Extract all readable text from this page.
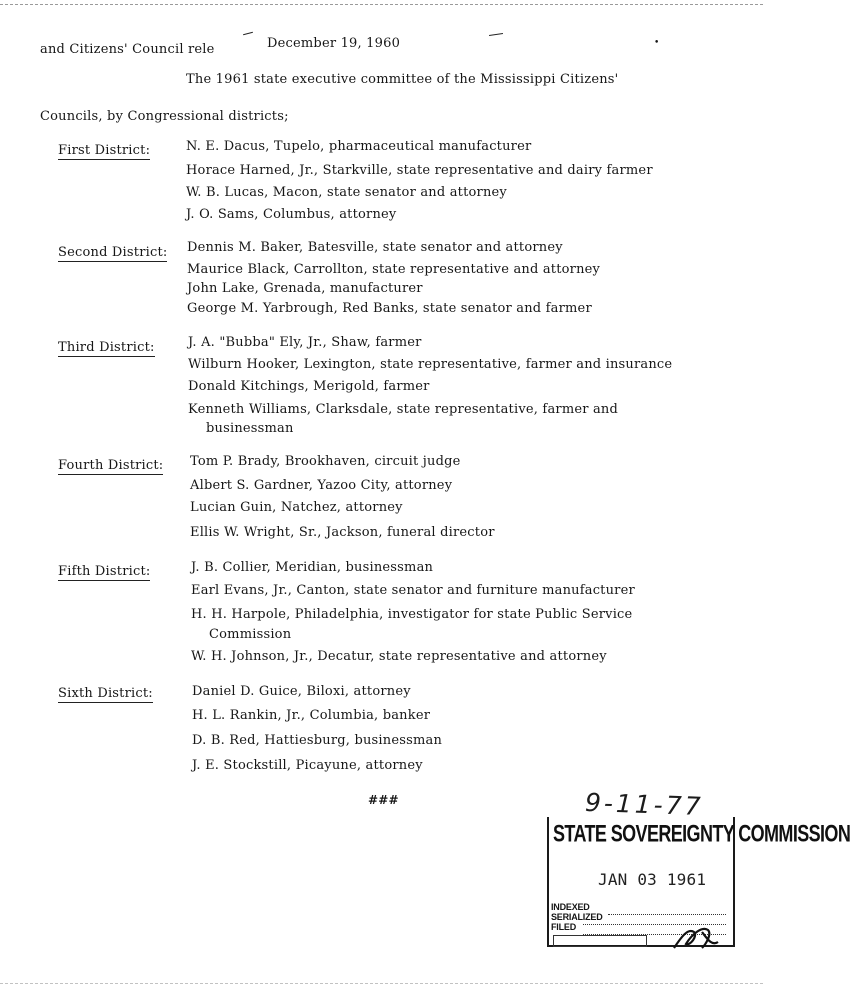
and Citizens' Council rele	December 19, 1960	•
The 1961 state executive committee of the Mississippi Citizens'
Councils, by Congressional districts;
First District:	N. E. Dacus, Tupelo, pharmaceutical manufacturer
Horace Harned, Jr., Starkville, state representative and dairy farmer
W. B. Lucas, Macon, state senator and attorney
J. O. Sams, Columbus, attorney
Second District: Dennis M. Baker, Batesville, state senator and attorney
Maurice Black, Carrollton, state representative and attorney
John Lake, Grenada, manufacturer
George M. Yarbrough, Red Banks, state senator and farmer
Third District:	J. A. "Bubba" Ely, Jr., Shaw, farmer
Wilburn Hooker, Lexington, state representative, farmer and insurance
Donald Kitchings, Merigold, farmer
Kenneth Williams, Clarksdale, state representative, farmer and
businessman
Fourth District: Tom P. Brady, Brookhaven, circuit judge
Albert S. Gardner, Yazoo City, attorney
Lucian Guin, Natchez, attorney
Ellis W. Wright, Sr., Jackson, funeral director
Fifth District:	J. B. Collier, Meridian, businessman
Earl Evans, Jr., Canton, state senator and furniture manufacturer
H. H. Harpole, Philadelphia, investigator for state Public Service
Commission
W. H. Johnson, Jr., Decatur, state representative and attorney
Sixth District:	Daniel D. Guice, Biloxi, attorney
H. L. Rankin, Jr., Columbia, banker
D. B. Red, Hattiesburg, businessman
J. E. Stockstill, Picayune, attorney
###	9-11-77
STATE SOVEREIGNTY COMMISSION
JAN 03 1961
INDEXED
SERIALIZED
FILED
